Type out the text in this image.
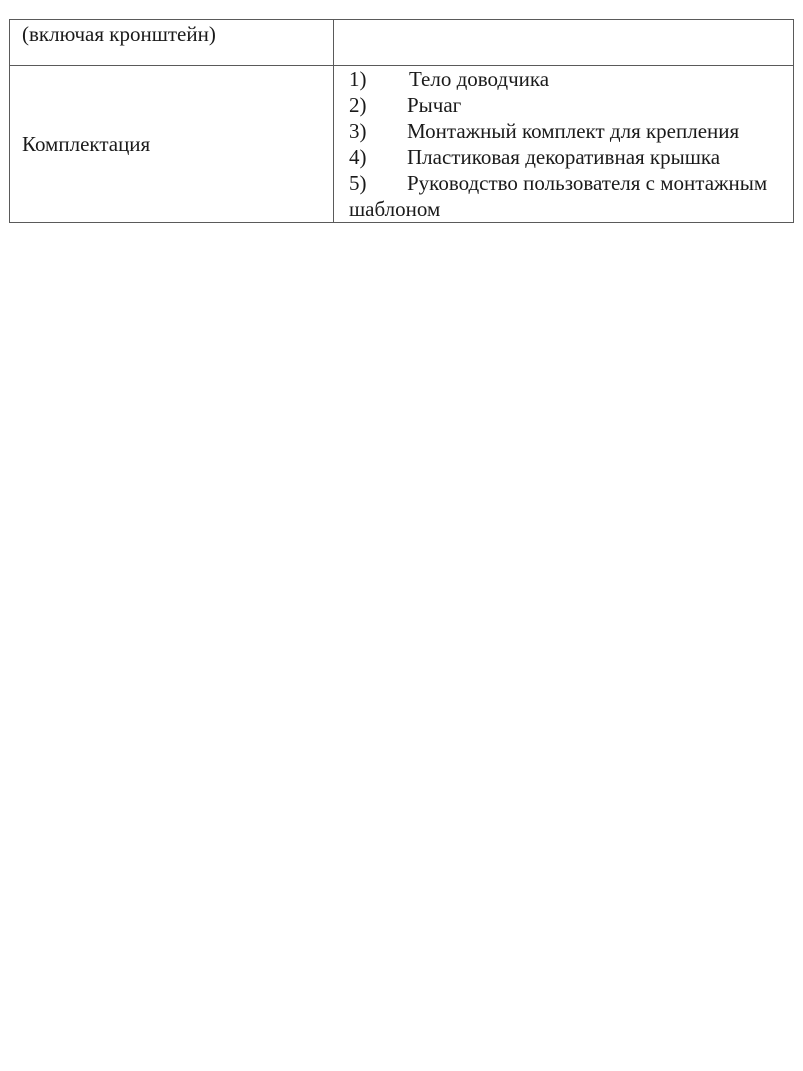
(включая кронштейн)	
Комплектация	1) Тело доводчика
2) Рычаг
3) Монтажный комплект для крепления
4) Пластиковая декоративная крышка
5) Руководство пользователя с монтажным шаблоном
